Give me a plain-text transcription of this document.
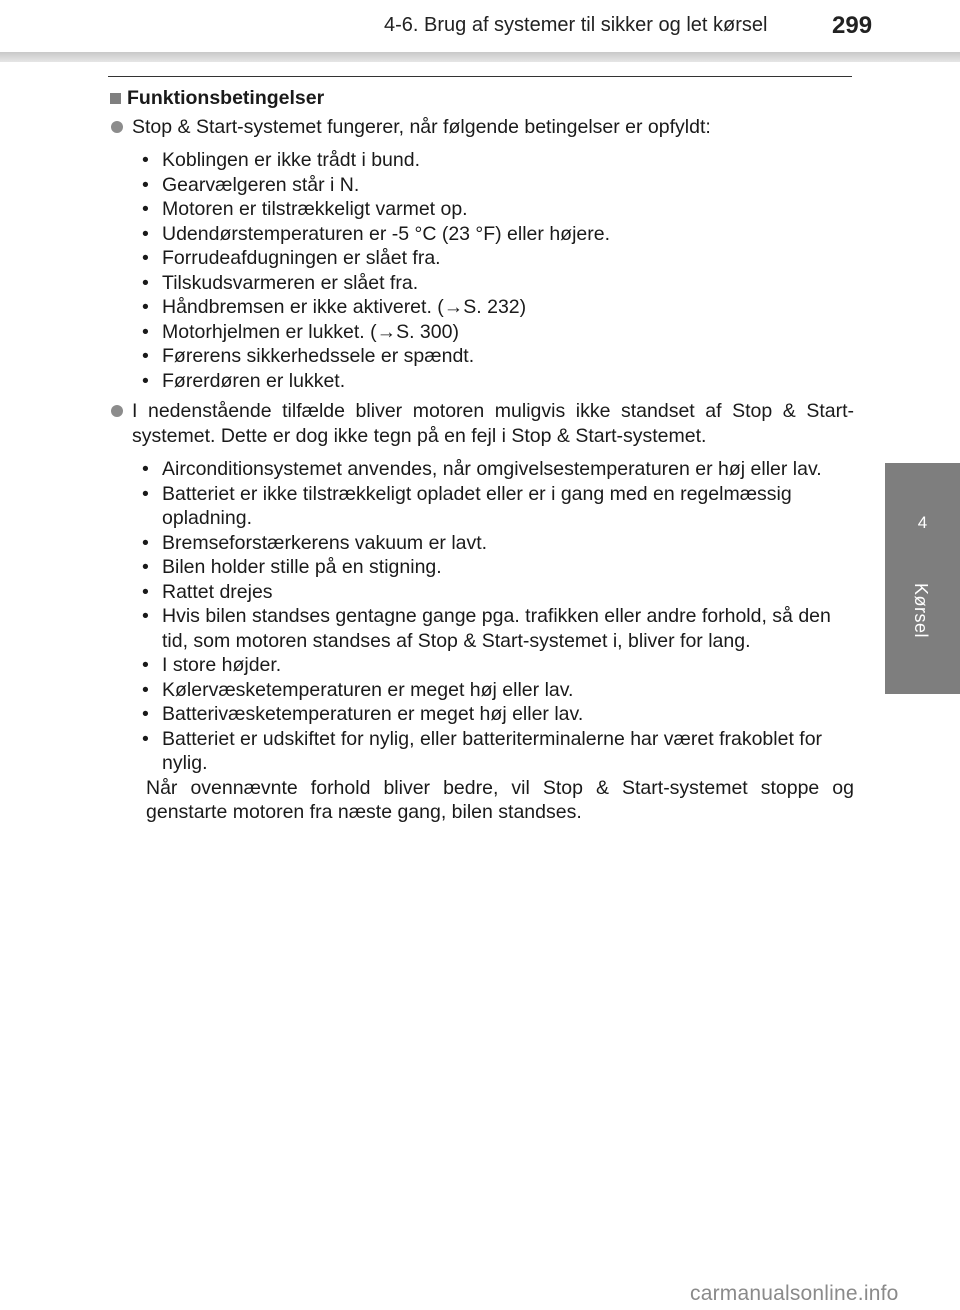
4-6. Brug af systemer til sikker og let kørsel	299
4
Kørsel
Funktionsbetingelser
Stop & Start-systemet fungerer, når følgende betingelser er opfyldt:
• Koblingen er ikke trådt i bund.
• Gearvælgeren står i N.
• Motoren er tilstrækkeligt varmet op.
• Udendørstemperaturen er -5 °C (23 °F) eller højere.
• Forrudeafdugningen er slået fra.
• Tilskudsvarmeren er slået fra.
• Håndbremsen er ikke aktiveret. (→S. 232)
• Motorhjelmen er lukket. (→S. 300)
• Førerens sikkerhedssele er spændt.
• Førerdøren er lukket.
I nedenstående tilfælde bliver motoren muligvis ikke standset af Stop & Start-systemet. Dette er dog ikke tegn på en fejl i Stop & Start-systemet.
• Airconditionsystemet anvendes, når omgivelsestemperaturen er høj eller lav.
• Batteriet er ikke tilstrækkeligt opladet eller er i gang med en regelmæssig opladning.
• Bremseforstærkerens vakuum er lavt.
• Bilen holder stille på en stigning.
• Rattet drejes
• Hvis bilen standses gentagne gange pga. trafikken eller andre forhold, så den tid, som motoren standses af Stop & Start-systemet i, bliver for lang.
• I store højder.
• Kølervæsketemperaturen er meget høj eller lav.
• Batterivæsketemperaturen er meget høj eller lav.
• Batteriet er udskiftet for nylig, eller batteriterminalerne har været frakoblet for nylig.
Når ovennævnte forhold bliver bedre, vil Stop & Start-systemet stoppe og genstarte motoren fra næste gang, bilen standses.
carmanualsonline.info
